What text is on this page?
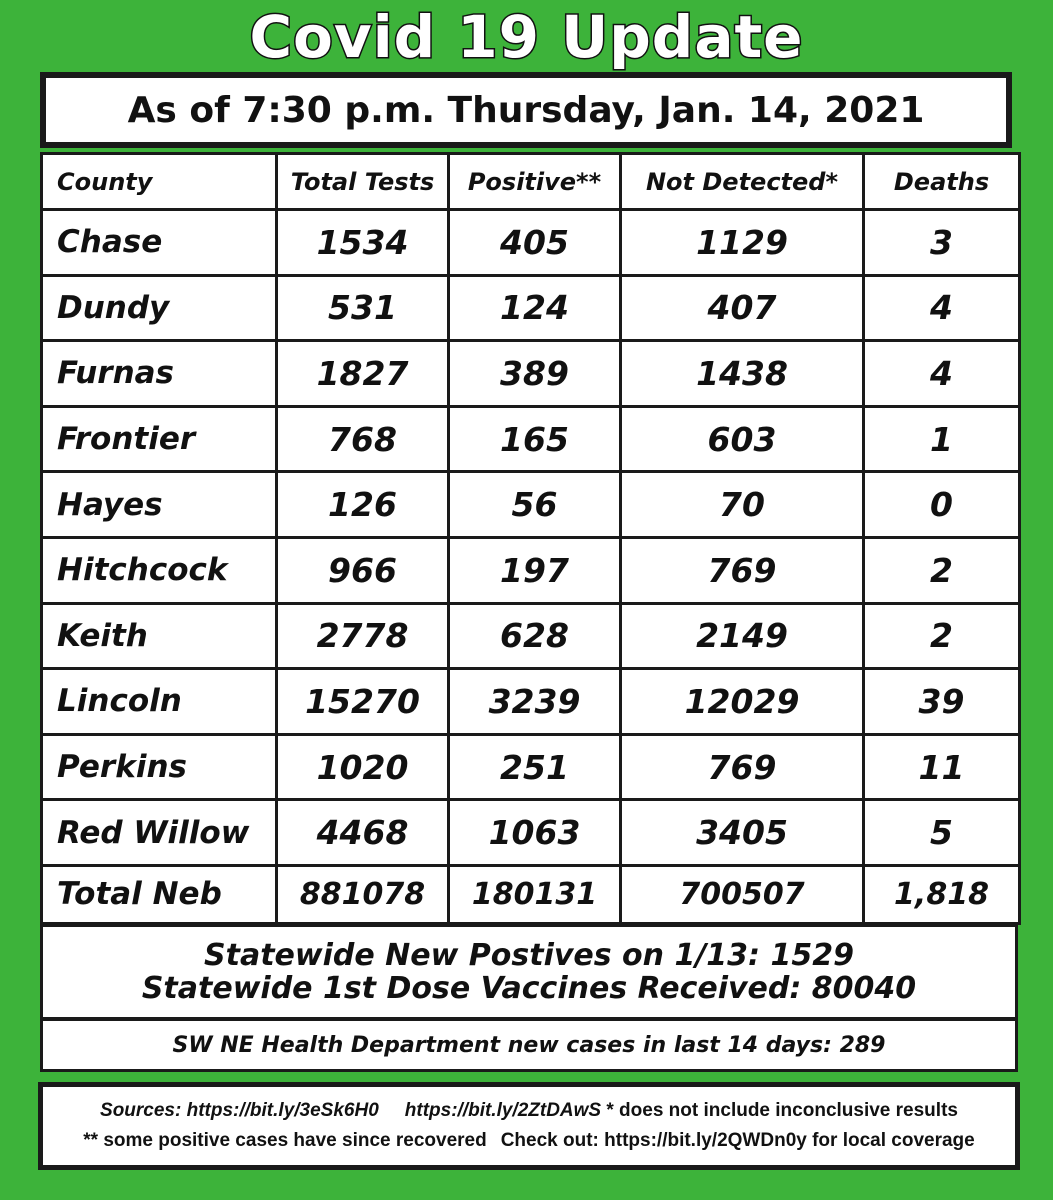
Covid 19 Update
As of 7:30 p.m. Thursday, Jan. 14, 2021
County	Total Tests	Positive**	Not Detected*	Deaths
Chase	1534	405	1129	3
Dundy	531	124	407	4
Furnas	1827	389	1438	4
Frontier	768	165	603	1
Hayes	126	56	70	0
Hitchcock	966	197	769	2
Keith	2778	628	2149	2
Lincoln	15270	3239	12029	39
Perkins	1020	251	769	11
Red Willow	4468	1063	3405	5
Total Neb	881078	180131	700507	1,818
Statewide New Postives on 1/13: 1529
Statewide 1st Dose Vaccines Received: 80040
SW NE Health Department new cases in last 14 days: 289
Sources: https://bit.ly/3eSk6H0 https://bit.ly/2ZtDAwS * does not include inconclusive results
** some positive cases have since recovered Check out: https://bit.ly/2QWDn0y for local coverage
